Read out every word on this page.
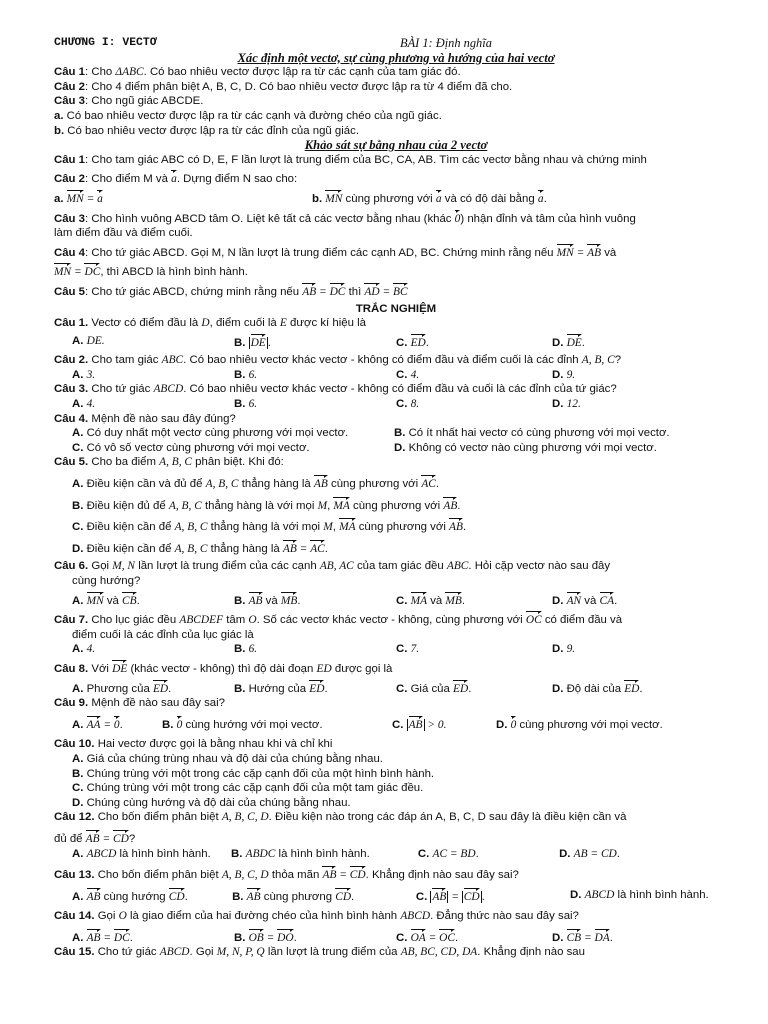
CHƯƠNG I: VECTƠ	BÀI 1: Định nghĩa
Xác định một vectơ, sự cùng phương và hướng của hai vectơ
Câu 1: Cho ΔABC. Có bao nhiêu vectơ được lập ra từ các cạnh của tam giác đó.
Câu 2: Cho 4 điểm phân biệt A, B, C, D. Có bao nhiêu vectơ được lập ra từ 4 điểm đã cho.
Câu 3: Cho ngũ giác ABCDE.
a. Có bao nhiêu vectơ được lập ra từ các cạnh và đường chéo của ngũ giác.
b. Có bao nhiêu vectơ được lập ra từ các đỉnh của ngũ giác.
Khảo sát sự bằng nhau của 2 vectơ
Câu 1: Cho tam giác ABC có D, E, F lần lượt là trung điểm của BC, CA, AB. Tìm các vectơ bằng nhau và chứng minh
Câu 2: Cho điểm M và a. Dựng điểm N sao cho:
a. MN = a	b. MN cùng phương với a và có độ dài bằng a.
Câu 3: Cho hình vuông ABCD tâm O. Liệt kê tất cả các vectơ bằng nhau (khác 0) nhận đỉnh và tâm của hình vuông
làm điểm đầu và điểm cuối.
Câu 4: Cho tứ giác ABCD. Gọi M, N lần lượt là trung điểm các cạnh AD, BC. Chứng minh rằng nếu MN = AB và
MN = DC, thì ABCD là hình bình hành.
Câu 5: Cho tứ giác ABCD, chứng minh rằng nếu AB = DC thì AD = BC
TRẮC NGHIỆM
Câu 1. Vectơ có điểm đầu là D, điểm cuối là E được kí hiệu là
A. DE.	B. DE .	C. ED.	D. DE.
Câu 2. Cho tam giác ABC. Có bao nhiêu vectơ khác vectơ - không có điểm đầu và điểm cuối là các đỉnh A, B, C?
A. 3.	B. 6.	C. 4.	D. 9.
Câu 3. Cho tứ giác ABCD. Có bao nhiêu vectơ khác vectơ - không có điểm đầu và cuối là các đỉnh của tứ giác?
A. 4.	B. 6.	C. 8.	D. 12.
Câu 4. Mệnh đề nào sau đây đúng?
A. Có duy nhất một vectơ cùng phương với mọi vectơ.	B. Có ít nhất hai vectơ có cùng phương với mọi vectơ.
C. Có vô số vectơ cùng phương với mọi vectơ.	D. Không có vectơ nào cùng phương với mọi vectơ.
Câu 5. Cho ba điểm A, B, C phân biệt. Khi đó:
A. Điều kiện cần và đủ để A, B, C thẳng hàng là AB cùng phương với AC.
B. Điều kiện đủ để A, B, C thẳng hàng là với mọi M, MA cùng phương với AB.
C. Điều kiện cần để A, B, C thẳng hàng là với mọi M, MA cùng phương với AB.
D. Điều kiện cần để A, B, C thẳng hàng là AB = AC.
Câu 6. Gọi M, N lần lượt là trung điểm của các cạnh AB, AC của tam giác đều ABC. Hỏi cặp vectơ nào sau đây
cùng hướng?
A. MN và CB.	B. AB và MB.	C. MA và MB.	D. AN và CA.
Câu 7. Cho lục giác đều ABCDEF tâm O. Số các vectơ khác vectơ - không, cùng phương với OC có điểm đầu và
điểm cuối là các đỉnh của lục giác là
A. 4.	B. 6.	C. 7.	D. 9.
Câu 8. Với DE (khác vectơ - không) thì độ dài đoạn ED được gọi là
A. Phương của ED.	B. Hướng của ED.	C. Giá của ED.	D. Độ dài của ED.
Câu 9. Mệnh đề nào sau đây sai?
A. AA = 0.	B. 0 cùng hướng với mọi vectơ.	C. AB > 0.	D. 0 cùng phương với mọi vectơ.
Câu 10. Hai vectơ được gọi là bằng nhau khi và chỉ khi
A. Giá của chúng trùng nhau và độ dài của chúng bằng nhau.
B. Chúng trùng với một trong các cặp cạnh đối của một hình bình hành.
C. Chúng trùng với một trong các cặp cạnh đối của một tam giác đều.
D. Chúng cùng hướng và độ dài của chúng bằng nhau.
Câu 12. Cho bốn điểm phân biệt A, B, C, D. Điều kiện nào trong các đáp án A, B, C, D sau đây là điều kiện cần và
đủ để AB = CD?
A. ABCD là hình bình hành.	B. ABDC là hình bình hành.	C. AC = BD.	D. AB = CD.
Câu 13. Cho bốn điểm phân biệt A, B, C, D thỏa mãn AB = CD. Khẳng định nào sau đây sai?
A. AB cùng hướng CD.	B. AB cùng phương CD.	C. AB = CD .	D. ABCD là hình bình hành.
Câu 14. Gọi O là giao điểm của hai đường chéo của hình bình hành ABCD. Đẳng thức nào sau đây sai?
A. AB = DC.	B. OB = DO.	C. OA = OC.	D. CB = DA.
Câu 15. Cho tứ giác ABCD. Gọi M, N, P, Q lần lượt là trung điểm của AB, BC, CD, DA. Khẳng định nào sau
